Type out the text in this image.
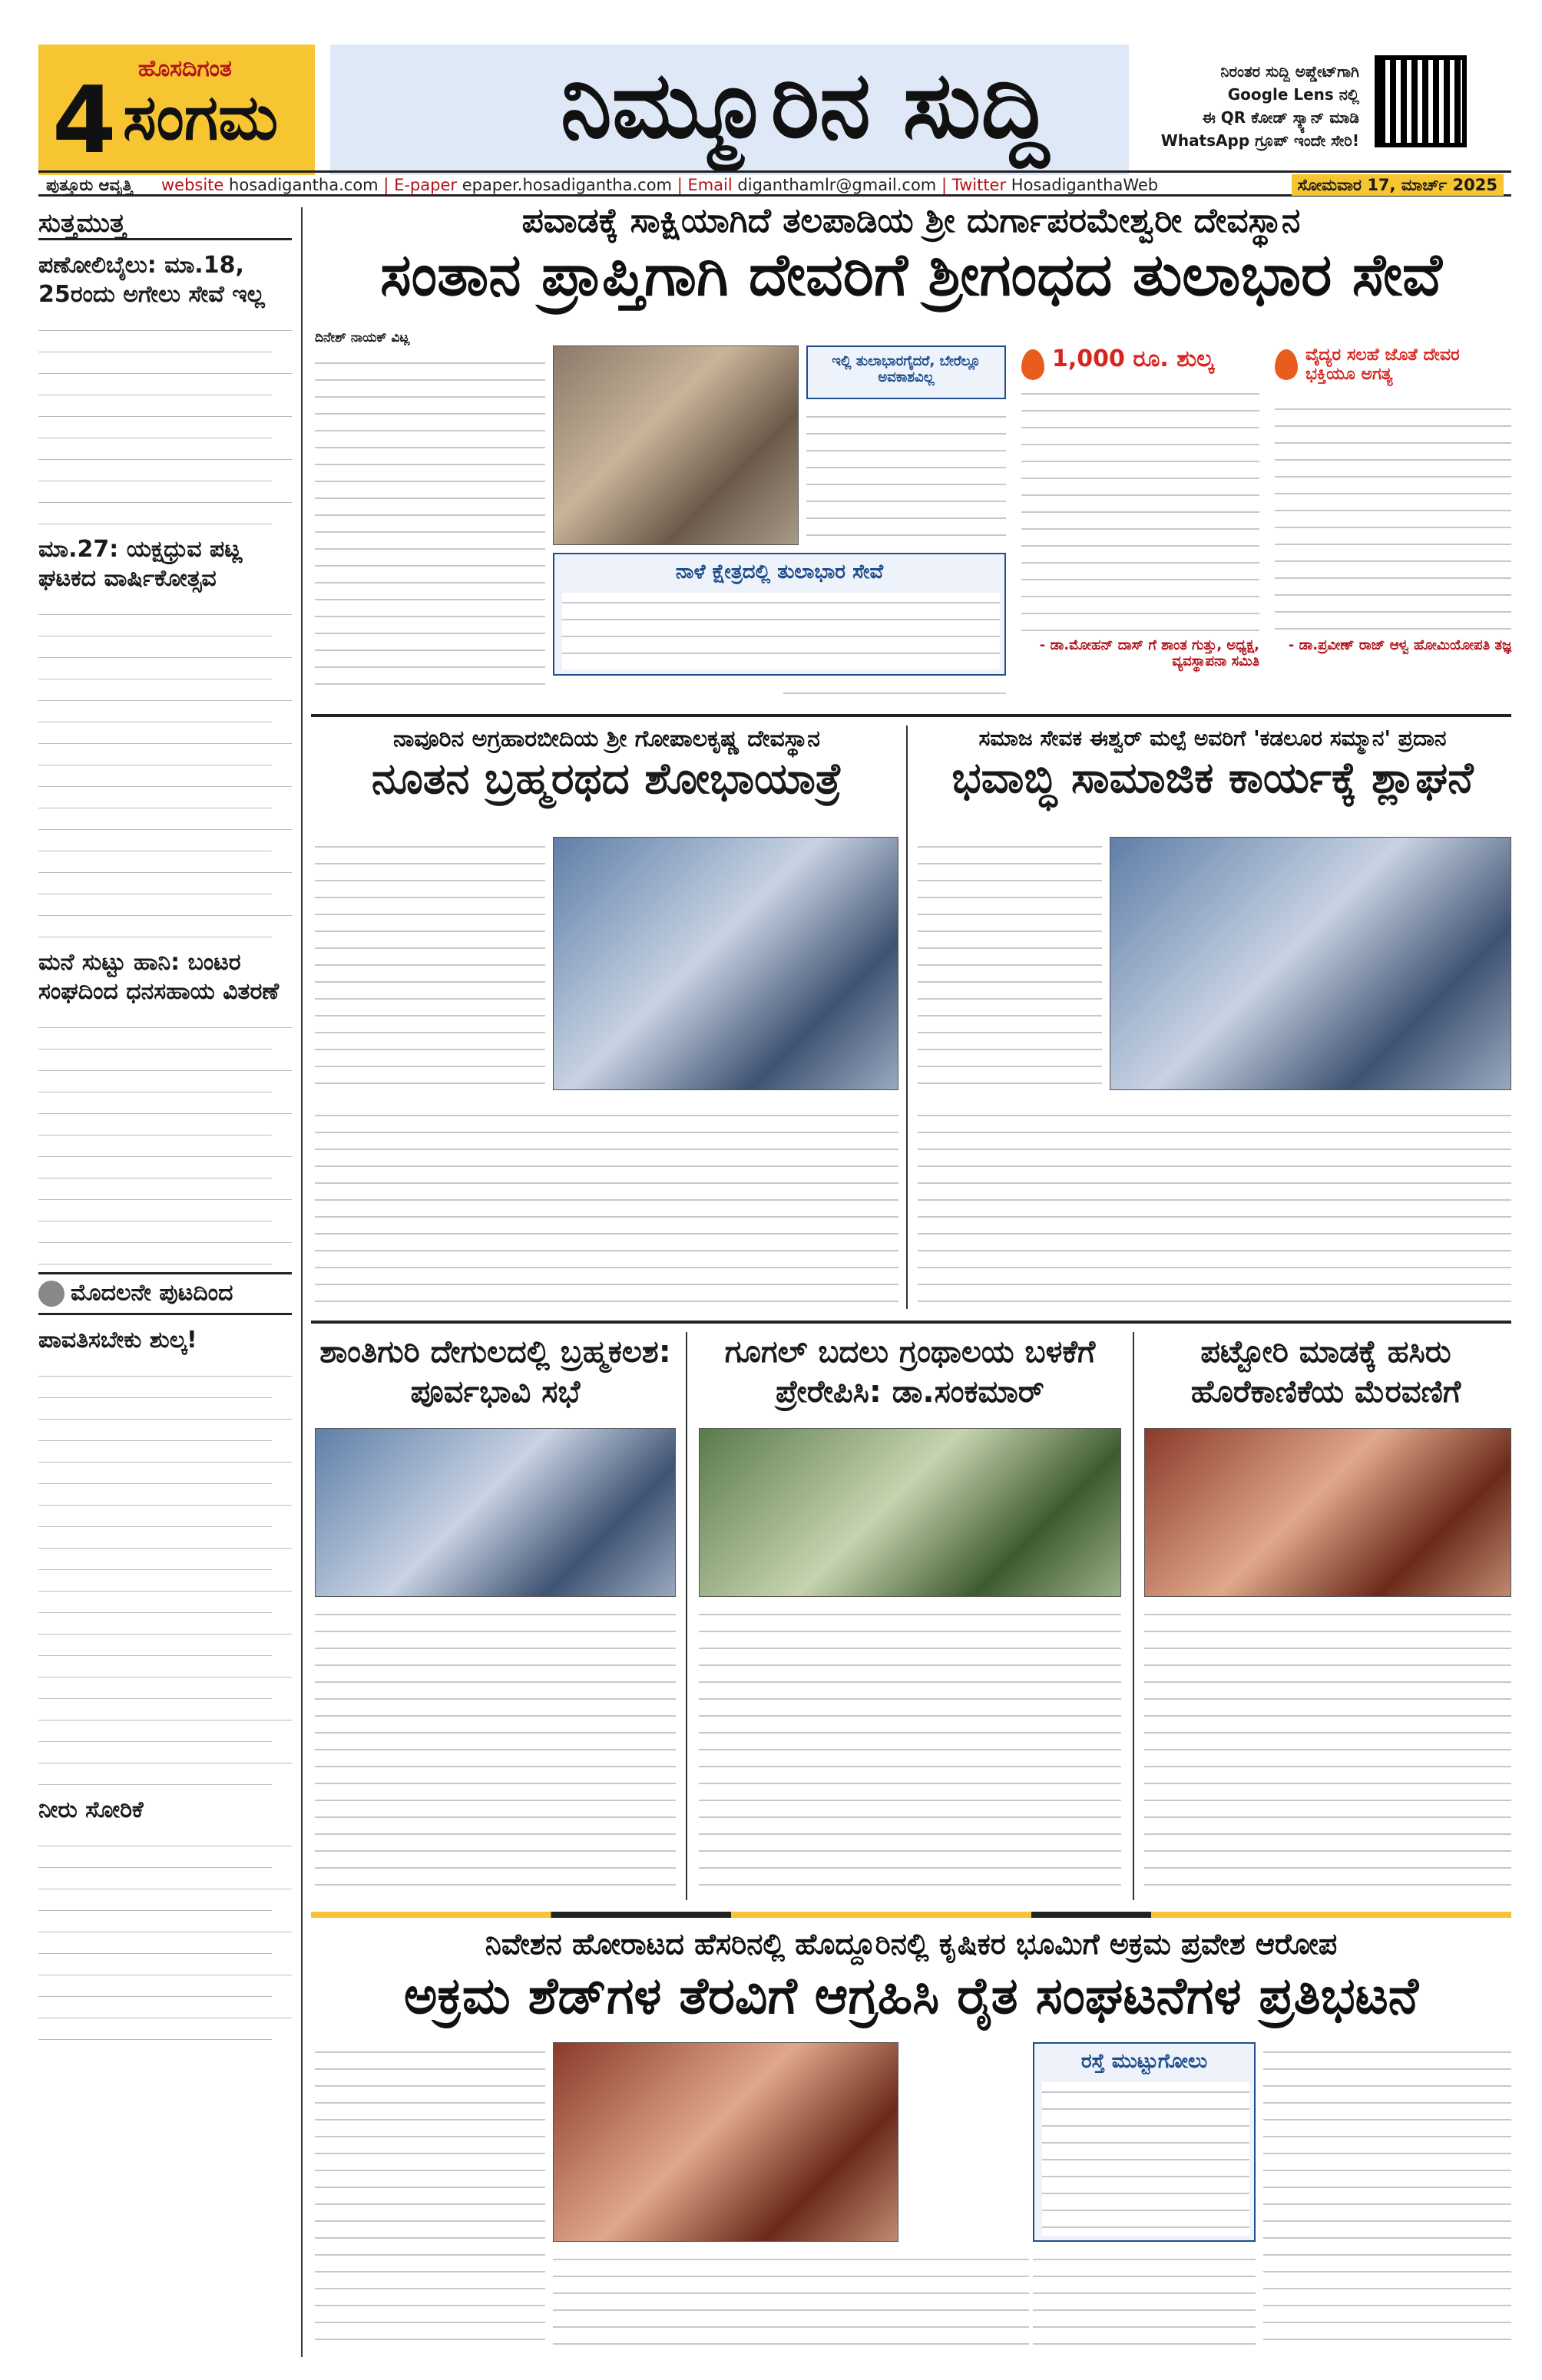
4 ಹೊಸದಿಗಂತ
ಸಂಗಮ	ನಿಮ್ಮೂರಿನ ಸುದ್ದಿ	ನಿರಂತರ ಸುದ್ದಿ ಅಪ್ಡೇಟ್‌ಗಾಗಿ
Google Lens ನಲ್ಲಿ
ಈ QR ಕೋಡ್ ಸ್ಕ್ಯಾನ್ ಮಾಡಿ
WhatsApp ಗ್ರೂಪ್ ಇಂದೇ ಸೇರಿ!
ಪುತ್ತೂರು ಆವೃತ್ತಿ website hosadigantha.com | E-paper epaper.hosadigantha.com | Email diganthamlr@gmail.com | Twitter HosadiganthaWeb	ಸೋಮವಾರ 17, ಮಾರ್ಚ್ 2025
ಸುತ್ತಮುತ್ತ
ಪಣೋಲಿಬೈಲು: ಮಾ.18, 25ರಂದು ಅಗೇಲು ಸೇವೆ ಇಲ್ಲ
ಮಾ.27: ಯಕ್ಷಧ್ರುವ ಪಟ್ಲ ಘಟಕದ ವಾರ್ಷಿಕೋತ್ಸವ
ಮನೆ ಸುಟ್ಟು ಹಾನಿ: ಬಂಟರ ಸಂಘದಿಂದ ಧನಸಹಾಯ ವಿತರಣೆ
ಮೊದಲನೇ ಪುಟದಿಂದ
ಪಾವತಿಸಬೇಕು ಶುಲ್ಕ!
ನೀರು ಸೋರಿಕೆ
ಪವಾಡಕ್ಕೆ ಸಾಕ್ಷಿಯಾಗಿದೆ ತಲಪಾಡಿಯ ಶ್ರೀ ದುರ್ಗಾಪರಮೇಶ್ವರೀ ದೇವಸ್ಥಾನ
ಸಂತಾನ ಪ್ರಾಪ್ತಿಗಾಗಿ ದೇವರಿಗೆ ಶ್ರೀಗಂಧದ ತುಲಾಭಾರ ಸೇವೆ
ದಿನೇಶ್ ನಾಯಕ್ ವಿಟ್ಲ
ಇಲ್ಲಿ ತುಲಾಭಾರಗೈದರೆ, ಬೇರೆಲ್ಲೂ ಅವಕಾಶವಿಲ್ಲ
ನಾಳೆ ಕ್ಷೇತ್ರದಲ್ಲಿ ತುಲಾಭಾರ ಸೇವೆ
1,000 ರೂ. ಶುಲ್ಕ
- ಡಾ.ಮೋಹನ್ ದಾಸ್ ಗೆ ಶಾಂತ ಗುತ್ತು, ಅಧ್ಯಕ್ಷ, ವ್ಯವಸ್ಥಾಪನಾ ಸಮಿತಿ
ವೈದ್ಯರ ಸಲಹೆ ಜೊತೆ ದೇವರ ಭಕ್ತಿಯೂ ಅಗತ್ಯ
- ಡಾ.ಪ್ರವೀಣ್ ರಾಜ್ ಆಳ್ವ ಹೋಮಿಯೋಪತಿ ತಜ್ಞ
ನಾವೂರಿನ ಅಗ್ರಹಾರಬೀದಿಯ ಶ್ರೀ ಗೋಪಾಲಕೃಷ್ಣ ದೇವಸ್ಥಾನ
ನೂತನ ಬ್ರಹ್ಮರಥದ ಶೋಭಾಯಾತ್ರೆ
ಸಮಾಜ ಸೇವಕ ಈಶ್ವರ್ ಮಲ್ಪೆ ಅವರಿಗೆ 'ಕಡಲೂರ ಸಮ್ಮಾನ' ಪ್ರದಾನ
ಭವಾಬ್ಧಿ ಸಾಮಾಜಿಕ ಕಾರ್ಯಕ್ಕೆ ಶ್ಲಾಘನೆ
ಶಾಂತಿಗುರಿ ದೇಗುಲದಲ್ಲಿ ಬ್ರಹ್ಮಕಲಶ: ಪೂರ್ವಭಾವಿ ಸಭೆ
ಗೂಗಲ್ ಬದಲು ಗ್ರಂಥಾಲಯ ಬಳಕೆಗೆ ಪ್ರೇರೇಪಿಸಿ: ಡಾ.ಸಂಕಮಾರ್
ಪಟ್ಟೋರಿ ಮಾಡಕ್ಕೆ ಹಸಿರು ಹೊರೆಕಾಣಿಕೆಯ ಮೆರವಣಿಗೆ
ನಿವೇಶನ ಹೋರಾಟದ ಹೆಸರಿನಲ್ಲಿ ಹೊದ್ದೂರಿನಲ್ಲಿ ಕೃಷಿಕರ ಭೂಮಿಗೆ ಅಕ್ರಮ ಪ್ರವೇಶ ಆರೋಪ
ಅಕ್ರಮ ಶೆಡ್‌ಗಳ ತೆರವಿಗೆ ಆಗ್ರಹಿಸಿ ರೈತ ಸಂಘಟನೆಗಳ ಪ್ರತಿಭಟನೆ
ರಸ್ತೆ ಮುಟ್ಟುಗೋಲು
